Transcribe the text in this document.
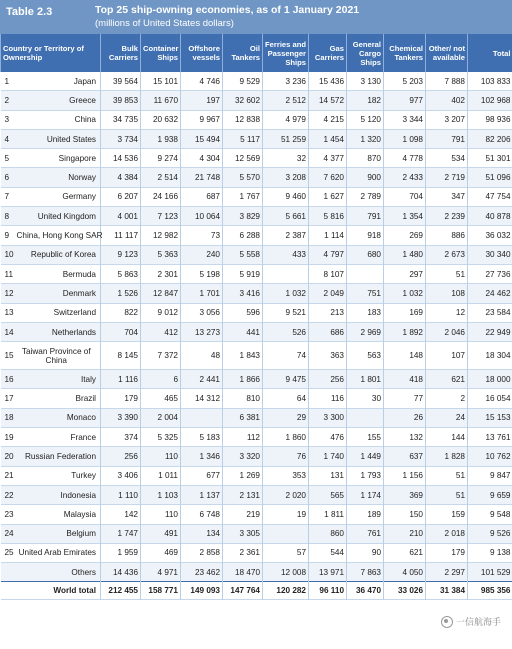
Table 2.3	Top 25 ship-owning economies, as of 1 January 2021
(millions of United States dollars)
Country or Territory of Ownership		Bulk Carriers	Container Ships	Offshore vessels	Oil Tankers	Ferries and Passenger Ships	Gas Carriers	General Cargo Ships	Chemical Tankers	Other/ not available	Total
1	Japan	39 564	15 101	4 746	9 529	3 236	15 436	3 130	5 203	7 888	103 833
2	Greece	39 853	11 670	197	32 602	2 512	14 572	182	977	402	102 968
3	China	34 735	20 632	9 967	12 838	4 979	4 215	5 120	3 344	3 207	98 936
4	United States	3 734	1 938	15 494	5 117	51 259	1 454	1 320	1 098	791	82 206
5	Singapore	14 536	9 274	4 304	12 569	32	4 377	870	4 778	534	51 301
6	Norway	4 384	2 514	21 748	5 570	3 208	7 620	900	2 433	2 719	51 096
7	Germany	6 207	24 166	687	1 767	9 460	1 627	2 789	704	347	47 754
8	United Kingdom	4 001	7 123	10 064	3 829	5 661	5 816	791	1 354	2 239	40 878
9	China, Hong Kong SAR	11 117	12 982	73	6 288	2 387	1 114	918	269	886	36 032
10	Republic of Korea	9 123	5 363	240	5 558	433	4 797	680	1 480	2 673	30 340
11	Bermuda	5 863	2 301	5 198	5 919		8 107		297	51	27 736
12	Denmark	1 526	12 847	1 701	3 416	1 032	2 049	751	1 032	108	24 462
13	Switzerland	822	9 012	3 056	596	9 521	213	183	169	12	23 584
14	Netherlands	704	412	13 273	441	526	686	2 969	1 892	2 046	22 949
15	Taiwan Province of China	8 145	7 372	48	1 843	74	363	563	148	107	18 304
16	Italy	1 116	6	2 441	1 866	9 475	256	1 801	418	621	18 000
17	Brazil	179	465	14 312	810	64	116	30	77	2	16 054
18	Monaco	3 390	2 004		6 381	29	3 300		26	24	15 153
19	France	374	5 325	5 183	112	1 860	476	155	132	144	13 761
20	Russian Federation	256	110	1 346	3 320	76	1 740	1 449	637	1 828	10 762
21	Turkey	3 406	1 011	677	1 269	353	131	1 793	1 156	51	9 847
22	Indonesia	1 110	1 103	1 137	2 131	2 020	565	1 174	369	51	9 659
23	Malaysia	142	110	6 748	219	19	1 811	189	150	159	9 548
24	Belgium	1 747	491	134	3 305		860	761	210	2 018	9 526
25	United Arab Emirates	1 959	469	2 858	2 361	57	544	90	621	179	9 138
	Others	14 436	4 971	23 462	18 470	12 008	13 971	7 863	4 050	2 297	101 529
	World total	212 455	158 771	149 093	147 764	120 282	96 110	36 470	33 026	31 384	985 356
一信航海手
